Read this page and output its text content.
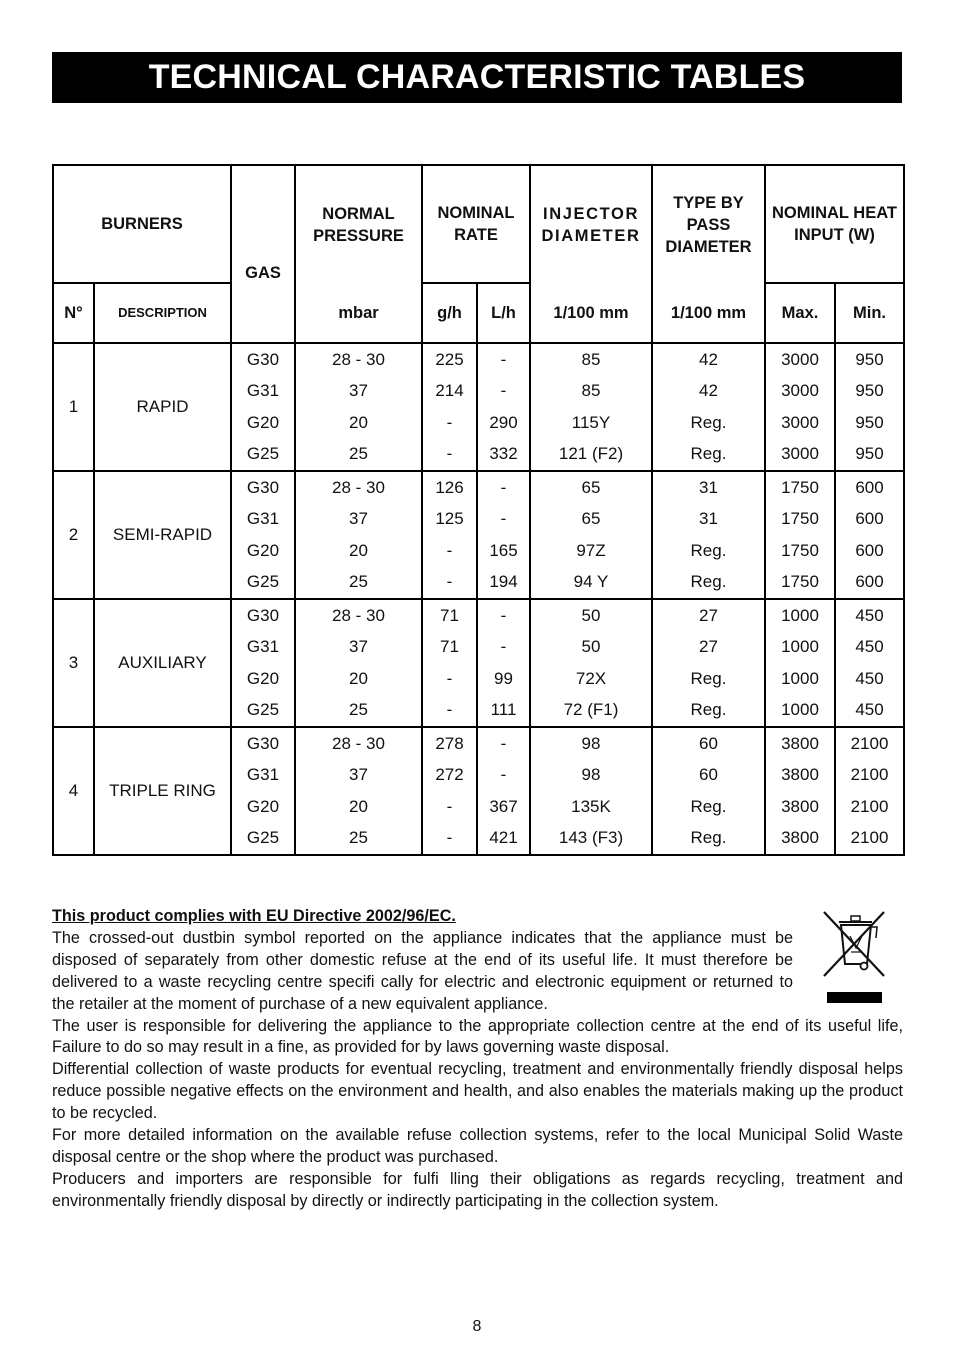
TECHNICAL CHARACTERISTIC TABLES
BURNERS		GAS	NORMAL PRESSURE	NOMINAL RATE		INJECTOR DIAMETER	TYPE BY PASS DIAMETER	NOMINAL HEAT INPUT (W)	
N°	DESCRIPTION		mbar	g/h	L/h	1/100 mm	1/100 mm	Max.	Min.
1	RAPID	G30	28 - 30	225	-	85	42	3000	950
		G31	37	214	-	85	42	3000	950
		G20	20	-	290	115Y	Reg.	3000	950
		G25	25	-	332	121 (F2)	Reg.	3000	950
2	SEMI-RAPID	G30	28 - 30	126	-	65	31	1750	600
		G31	37	125	-	65	31	1750	600
		G20	20	-	165	97Z	Reg.	1750	600
		G25	25	-	194	94 Y	Reg.	1750	600
3	AUXILIARY	G30	28 - 30	71	-	50	27	1000	450
		G31	37	71	-	50	27	1000	450
		G20	20	-	99	72X	Reg.	1000	450
		G25	25	-	111	72 (F1)	Reg.	1000	450
4	TRIPLE RING	G30	28 - 30	278	-	98	60	3800	2100
		G31	37	272	-	98	60	3800	2100
		G20	20	-	367	135K	Reg.	3800	2100
		G25	25	-	421	143 (F3)	Reg.	3800	2100
This product complies with EU Directive 2002/96/EC.

The crossed-out dustbin symbol reported on the appliance indicates that the appliance must be disposed of separately from other domestic refuse at the end of its useful life. It must therefore be delivered to a waste recycling centre specifi cally for electric and electronic equipment or returned to the retailer at the moment of purchase of a new equivalent appliance.

The user is responsible for delivering the appliance to the appropriate collection centre at the end of its useful life, Failure to do so may result in a fine, as provided for by laws governing waste disposal.

Differential collection of waste products for eventual recycling, treatment and environmentally friendly disposal helps reduce possible negative effects on the environment and health, and also enables the materials making up the product to be recycled.

For more detailed information on the available refuse collection systems, refer to the local Municipal Solid Waste disposal centre or the shop where the product was purchased.

Producers and importers are responsible for fulfi lling their obligations as regards recycling, treatment and environmentally friendly disposal by directly or indirectly participating in the collection system.

8
